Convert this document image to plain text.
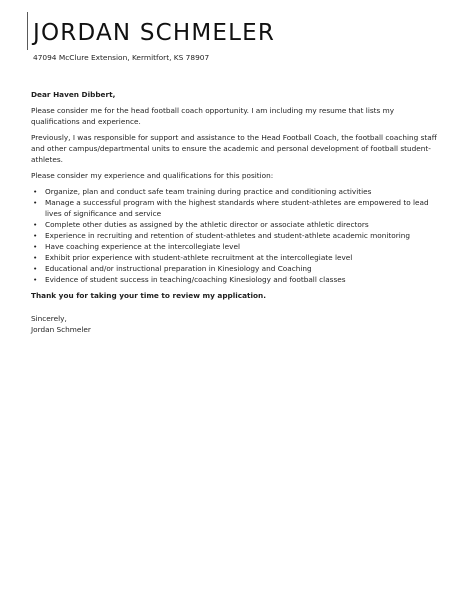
JORDAN SCHMELER
47094 McClure Extension, Kermitfort, KS 78907

Dear Haven Dibbert,

Please consider me for the head football coach opportunity. I am including my resume that lists my qualifications and experience.

Previously, I was responsible for support and assistance to the Head Football Coach, the football coaching staff and other campus/departmental units to ensure the academic and personal development of football student-athletes.

Please consider my experience and qualifications for this position:

• Organize, plan and conduct safe team training during practice and conditioning activities
• Manage a successful program with the highest standards where student-athletes are empowered to lead lives of significance and service
• Complete other duties as assigned by the athletic director or associate athletic directors
• Experience in recruiting and retention of student-athletes and student-athlete academic monitoring
• Have coaching experience at the intercollegiate level
• Exhibit prior experience with student-athlete recruitment at the intercollegiate level
• Educational and/or instructional preparation in Kinesiology and Coaching
• Evidence of student success in teaching/coaching Kinesiology and football classes

Thank you for taking your time to review my application.

Sincerely,

Jordan Schmeler
